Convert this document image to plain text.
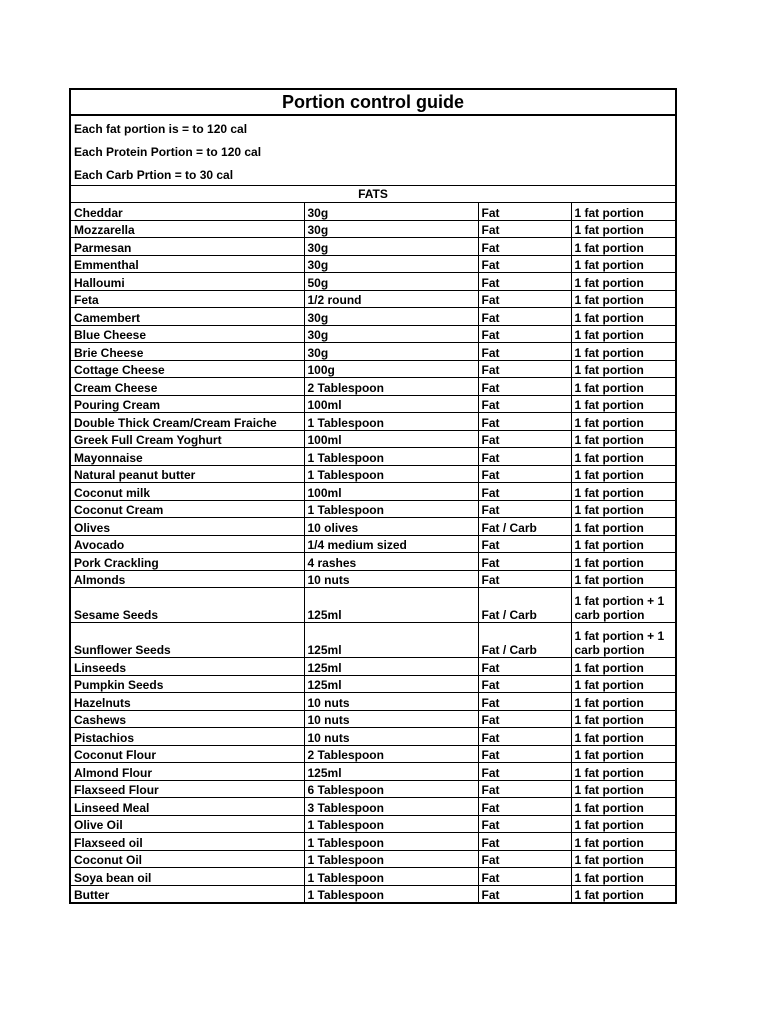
Portion control guide
Each fat portion is = to 120 cal
Each Protein Portion = to 120 cal
Each Carb Prtion = to 30 cal
FATS
Cheddar	30g	Fat	1 fat portion
Mozzarella	30g	Fat	1 fat portion
Parmesan	30g	Fat	1 fat portion
Emmenthal	30g	Fat	1 fat portion
Halloumi	50g	Fat	1 fat portion
Feta	1/2 round	Fat	1 fat portion
Camembert	30g	Fat	1 fat portion
Blue Cheese	30g	Fat	1 fat portion
Brie Cheese	30g	Fat	1 fat portion
Cottage Cheese	100g	Fat	1 fat portion
Cream Cheese	2 Tablespoon	Fat	1 fat portion
Pouring Cream	100ml	Fat	1 fat portion
Double Thick Cream/Cream Fraiche	1 Tablespoon	Fat	1 fat portion
Greek Full Cream Yoghurt	100ml	Fat	1 fat portion
Mayonnaise	1 Tablespoon	Fat	1 fat portion
Natural peanut butter	1 Tablespoon	Fat	1 fat portion
Coconut milk	100ml	Fat	1 fat portion
Coconut Cream	1 Tablespoon	Fat	1 fat portion
Olives	10 olives	Fat / Carb	1 fat portion
Avocado	1/4 medium sized	Fat	1 fat portion
Pork Crackling	4 rashes	Fat	1 fat portion
Almonds	10 nuts	Fat	1 fat portion
Sesame Seeds	125ml	Fat / Carb	1 fat portion + 1 carb portion
Sunflower Seeds	125ml	Fat / Carb	1 fat portion + 1 carb portion
Linseeds	125ml	Fat	1 fat portion
Pumpkin Seeds	125ml	Fat	1 fat portion
Hazelnuts	10 nuts	Fat	1 fat portion
Cashews	10 nuts	Fat	1 fat portion
Pistachios	10 nuts	Fat	1 fat portion
Coconut Flour	2 Tablespoon	Fat	1 fat portion
Almond Flour	125ml	Fat	1 fat portion
Flaxseed Flour	6 Tablespoon	Fat	1 fat portion
Linseed Meal	3 Tablespoon	Fat	1 fat portion
Olive Oil	1 Tablespoon	Fat	1 fat portion
Flaxseed oil	1 Tablespoon	Fat	1 fat portion
Coconut Oil	1 Tablespoon	Fat	1 fat portion
Soya bean oil	1 Tablespoon	Fat	1 fat portion
Butter	1 Tablespoon	Fat	1 fat portion
